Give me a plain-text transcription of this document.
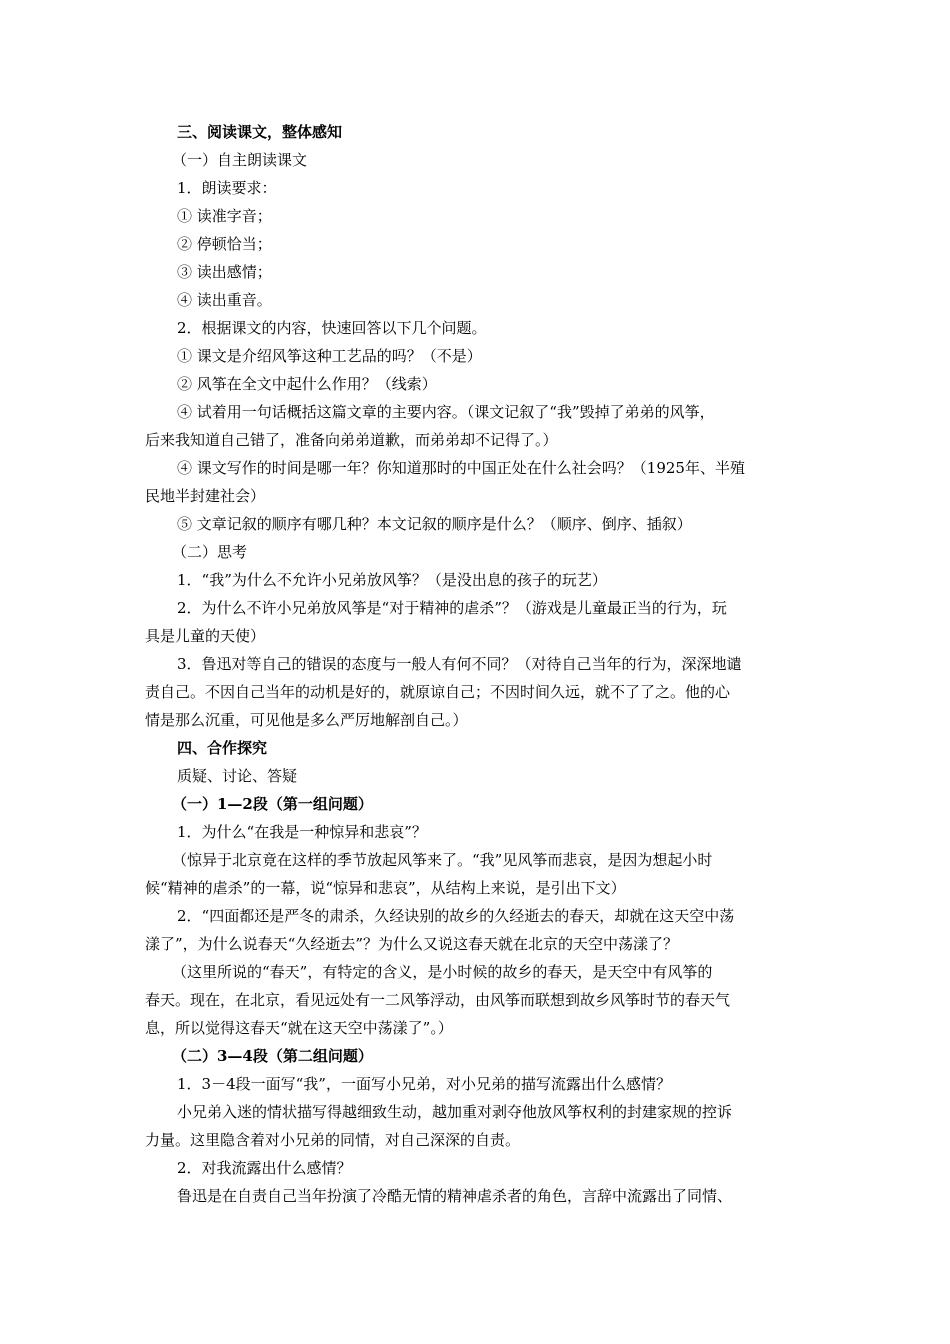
三、阅读课文，整体感知
（一）自主朗读课文
1．朗读要求：
① 读准字音；
② 停顿恰当；
③ 读出感情；
④ 读出重音。
2．根据课文的内容，快速回答以下几个问题。
① 课文是介绍风筝这种工艺品的吗？（不是）
② 风筝在全文中起什么作用？（线索）
④ 试着用一句话概括这篇文章的主要内容。（课文记叙了“我”毁掉了弟弟的风筝，
后来我知道自己错了，准备向弟弟道歉，而弟弟却不记得了。）
④ 课文写作的时间是哪一年？你知道那时的中国正处在什么社会吗？（1925年、半殖
民地半封建社会）
⑤ 文章记叙的顺序有哪几种？本文记叙的顺序是什么？（顺序、倒序、插叙）
（二）思考
1．“我”为什么不允许小兄弟放风筝？（是没出息的孩子的玩艺）
2．为什么不许小兄弟放风筝是“对于精神的虐杀”？（游戏是儿童最正当的行为，玩
具是儿童的天使）
3．鲁迅对等自己的错误的态度与一般人有何不同？（对待自己当年的行为，深深地谴
责自己。不因自己当年的动机是好的，就原谅自己；不因时间久远，就不了了之。他的心
情是那么沉重，可见他是多么严厉地解剖自己。）
四、合作探究
质疑、讨论、答疑
（一）1—2段（第一组问题）
1．为什么“在我是一种惊异和悲哀”？
（惊异于北京竟在这样的季节放起风筝来了。“我”见风筝而悲哀，是因为想起小时
候“精神的虐杀”的一幕，说“惊异和悲哀”，从结构上来说，是引出下文）
2．“四面都还是严冬的肃杀，久经诀别的故乡的久经逝去的春天，却就在这天空中荡
漾了”，为什么说春天“久经逝去”？为什么又说这春天就在北京的天空中荡漾了？
（这里所说的“春天”，有特定的含义，是小时候的故乡的春天，是天空中有风筝的
春天。现在，在北京，看见远处有一二风筝浮动，由风筝而联想到故乡风筝时节的春天气
息，所以觉得这春天“就在这天空中荡漾了”。）
（二）3—4段（第二组问题）
1．3－4段一面写“我”，一面写小兄弟，对小兄弟的描写流露出什么感情？
小兄弟入迷的情状描写得越细致生动，越加重对剥夺他放风筝权利的封建家规的控诉
力量。这里隐含着对小兄弟的同情，对自己深深的自责。
2．对我流露出什么感情？
鲁迅是在自责自己当年扮演了冷酷无情的精神虐杀者的角色，言辞中流露出了同情、
